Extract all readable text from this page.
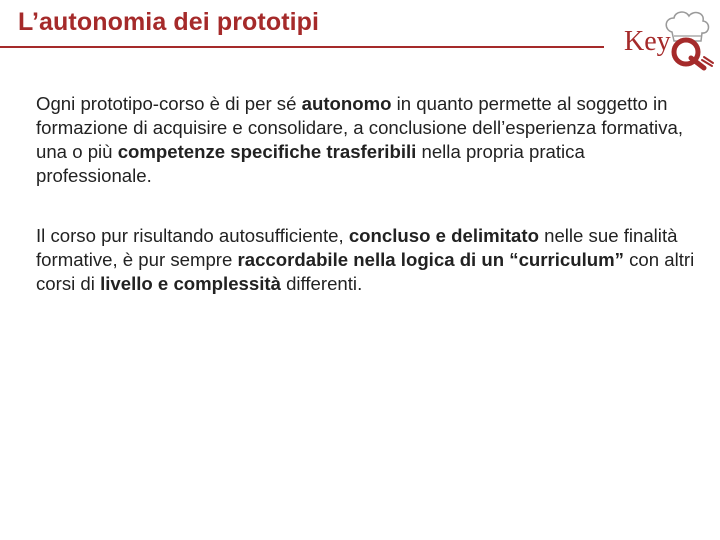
L’autonomia dei prototipi
Key

Ogni prototipo-corso è di per sé autonomo in quanto permette al soggetto in formazione di acquisire e consolidare, a conclusione dell’esperienza formativa, una o più competenze specifiche trasferibili nella propria pratica professionale.

Il corso pur risultando autosufficiente, concluso e delimitato nelle sue finalità formative, è pur sempre raccordabile nella logica di un “curriculum” con altri corsi di livello e complessità differenti.
